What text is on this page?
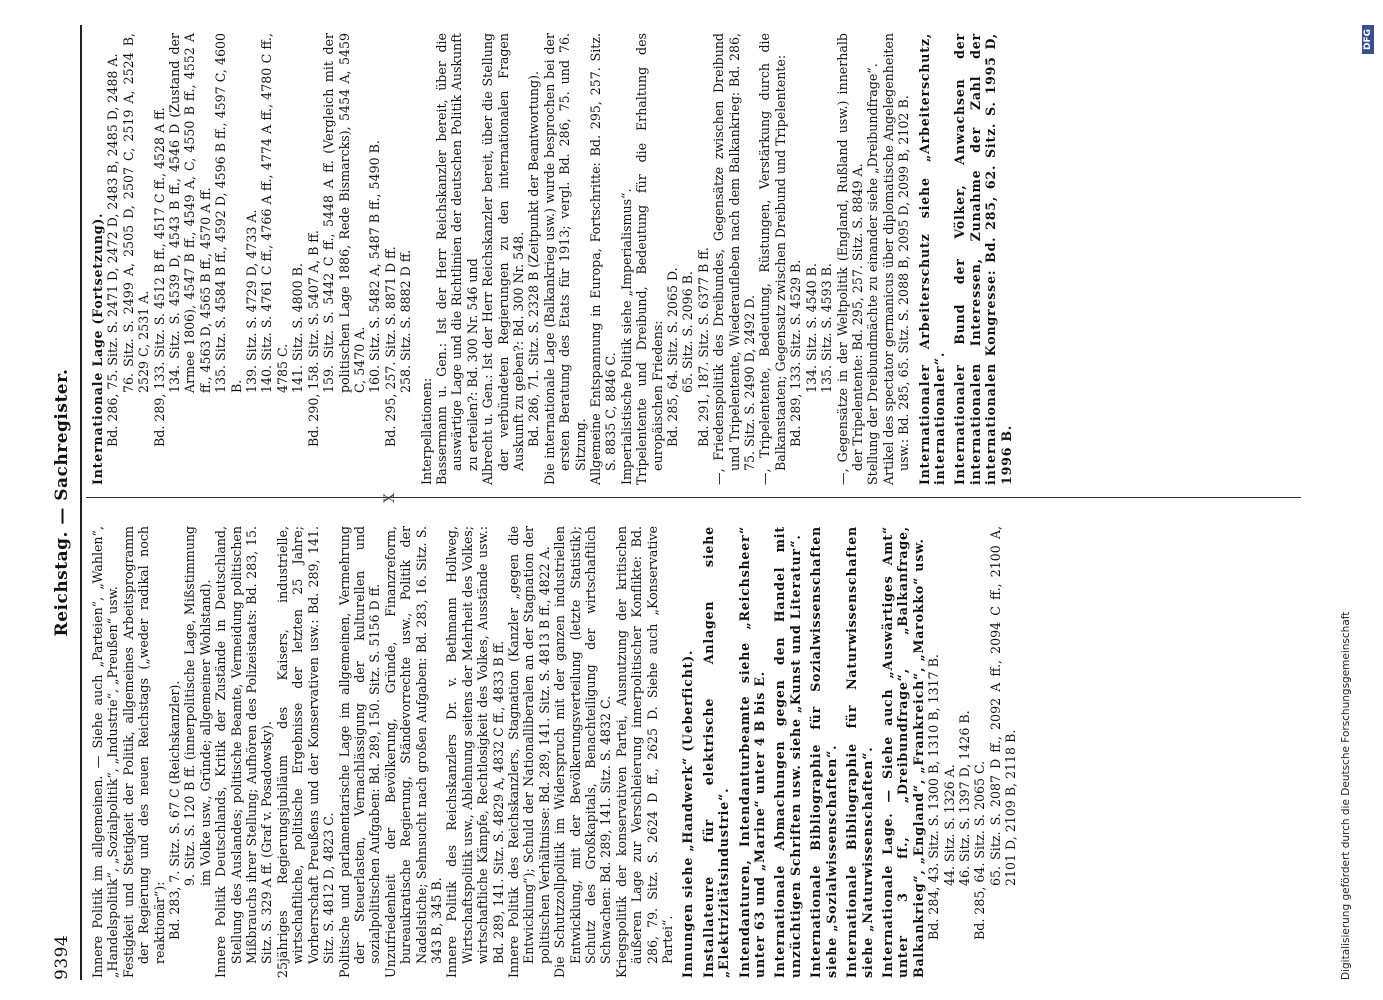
9394
Reichstag. — Sachregister.

Innere Politik im allgemeinen. — Siehe auch „Parteien“, „Wahlen“, „Handelspolitik“, „Sozialpolitik“, „Industrie“, „Preußen“ usw. Festigkeit und Stetigkeit der Politik, allgemeines Arbeitsprogramm der Regierung und des neuen Reichstags („weder radikal noch reaktionär“): Bd. 283, 7. Sitz. S. 67 C (Reichskanzler). 9. Sitz. S. 120 B ff. (innerpolitische Lage, Mißstimmung im Volke usw., Gründe; allgemeiner Wohlstand). Innere Politik Deutschlands, Kritik der Zustände in Deutschland, Stellung des Auslandes; politische Beamte, Vermeidung politischen Mißbrauchs ihrer Stellung; Aufhören des Polizeistaats: Bd. 283, 15. Sitz. S. 329 A ff. (Graf v. Posadowsky). 25jähriges Regierungsjubiläum des Kaisers, industrielle, wirtschaftliche, politische Ergebnisse der letzten 25 Jahre; Vorherrschaft Preußens und der Konservativen usw.: Bd. 289, 141. Sitz. S. 4812 D, 4823 C. Politische und parlamentarische Lage im allgemeinen, Vermehrung der Steuerlasten, Vernachlässigung der kulturellen und sozialpolitischen Aufgaben: Bd. 289, 150. Sitz. S. 5156 D ff. Unzufriedenheit der Bevölkerung, Gründe, Finanzreform, bureaukratische Regierung, Ständevorrechte usw., Politik der Nadelstiche; Sehnsucht nach großen Aufgaben: Bd. 283, 16. Sitz. S. 343 B, 345 B. Innere Politik des Reichskanzlers Dr. v. Bethmann Hollweg, Wirtschaftspolitik usw., Ablehnung seitens der Mehrheit des Volkes; wirtschaftliche Kämpfe, Rechtlosigkeit des Volkes, Ausstände usw.: Bd. 289, 141. Sitz. S. 4829 A, 4832 C ff., 4833 B ff. Innere Politik des Reichskanzlers, Stagnation (Kanzler „gegen die Entwicklung“); Schuld der Nationalliberalen an der Stagnation der politischen Verhältnisse: Bd. 289, 141. Sitz. S. 4813 B ff., 4822 A. Die Schutzzollpolitik im Widerspruch mit der ganzen industriellen Entwicklung, mit der Bevölkerungsverteilung (letzte Statistik); Schutz des Großkapitals, Benachteiligung der wirtschaftlich Schwachen: Bd. 289, 141. Sitz. S. 4832 C. Kriegspolitik der konservativen Partei, Ausnutzung der kritischen äußeren Lage zur Verschleierung innerpolitischer Konflikte: Bd. 286, 79. Sitz. S. 2624 D ff., 2625 D. Siehe auch „Konservative Partei“. Innungen siehe „Handwerk“ (Ueberficht). Installateure für elektrische Anlagen siehe „Elektrizitätsindustrie“. Intendanturen, Intendanturbeamte siehe „Reichsheer“ unter 63 und „Marine“ unter 4 B bis E. Internationale Abmachungen gegen den Handel mit unzüchtigen Schriften usw. siehe „Kunst und Literatur“. Internationale Bibliographie für Sozialwissenschaften siehe „Sozialwissenschaften“. Internationale Bibliographie für Naturwissenschaften siehe „Naturwissenschaften“. Internationale Lage. — Siehe auch „Auswärtiges Amt“ unter 3 ff., „Dreibundfrage“, „Balkanfrage, Balkankrieg“, „England“, „Frankreich“, „Marokko“ usw. Bd. 284, 43. Sitz. S. 1300 B, 1310 B, 1317 B. 44. Sitz. S. 1326 A. 46. Sitz. S. 1397 D, 1426 B. Bd. 285, 64. Sitz. S. 2065 C. 65. Sitz. S. 2087 D ff., 2092 A ff., 2094 C ff., 2100 A, 2101 D, 2109 B, 2118 B.

Internationale Lage (Fortsetzung). Bd. 286, 75. Sitz. S. 2471 D, 2472 D, 2483 B, 2485 D, 2488 A. 76. Sitz. S. 2499 A, 2505 D, 2507 C, 2519 A, 2524 B, 2529 C, 2531 A. Bd. 289, 133. Sitz. S. 4512 B ff., 4517 C ff., 4528 A ff. 134. Sitz. S. 4539 D, 4543 B ff., 4546 D (Zustand der Armee 1806), 4547 B ff., 4549 A, C, 4550 B ff., 4552 A ff., 4563 D, 4565 B ff., 4570 A ff. 135. Sitz. S. 4584 B ff., 4592 D, 4596 B ff., 4597 C, 4600 B. 139. Sitz. S. 4729 D, 4733 A. 140. Sitz. S. 4761 C ff., 4766 A ff., 4774 A ff., 4780 C ff., 4785 C. 141. Sitz. S. 4800 B. Bd. 290, 158. Sitz. S. 5407 A, B ff. 159. Sitz. S. 5442 C ff., 5448 A ff. (Vergleich mit der politischen Lage 1886, Rede Bismarcks), 5454 A, 5459 C, 5470 A. 160. Sitz. S. 5482 A, 5487 B ff., 5490 B.

X
Bd. 295, 257. Sitz. S. 8871 D ff. 258. Sitz. S. 8882 D ff.

Interpellationen: Bassermann u. Gen.: Ist der Herr Reichskanzler bereit, über die auswärtige Lage und die Richtlinien der deutschen Politik Auskunft zu erteilen?: Bd. 300 Nr. 546 und Albrecht u. Gen.: Ist der Herr Reichskanzler bereit, über die Stellung der verbündeten Regierungen zu den internationalen Fragen Auskunft zu geben?: Bd. 300 Nr. 548. Bd. 286, 71. Sitz. S. 2328 B (Zeitpunkt der Beantwortung). Die internationale Lage (Balkankrieg usw.) wurde besprochen bei der ersten Beratung des Etats für 1913; vergl. Bd. 286, 75. und 76. Sitzung. Allgemeine Entspannung in Europa, Fortschritte: Bd. 295, 257. Sitz. S. 8835 C, 8846 C. Imperialistische Politik siehe „Imperialismus“. Tripelentente und Dreibund, Bedeutung für die Erhaltung des europäischen Friedens: Bd. 285, 64. Sitz. S. 2065 D. 65. Sitz. S. 2096 B. Bd. 291, 187. Sitz. S. 6377 B ff. —, Friedenspolitik des Dreibundes, Gegensätze zwischen Dreibund und Tripelentente, Wiederaufleben nach dem Balkankrieg: Bd. 286, 75. Sitz. S. 2490 D, 2492 D. —, Tripelentente, Bedeutung, Rüstungen, Verstärkung durch die Balkanstaaten; Gegensatz zwischen Dreibund und Tripelentente: Bd. 289, 133. Sitz. S. 4529 B. 134. Sitz. S. 4540 B. 135. Sitz. S. 4593 B. —, Gegensätze in der Weltpolitik (England, Rußland usw.) innerhalb der Tripelentente: Bd. 295, 257. Sitz. S. 8849 A. Stellung der Dreibundmächte zu einander siehe „Dreibundfrage“. Artikel des spectator germanicus über diplomatische Angelegenheiten usw.: Bd. 285, 65. Sitz. S. 2088 B, 2095 D, 2099 B, 2102 B. Internationaler Arbeiterschutz siehe „Arbeiterschutz, internationaler“. Internationaler Bund der Völker, Anwachsen der internationalen Interessen, Zunahme der Zahl der internationalen Kongresse: Bd. 285, 62. Sitz. S. 1995 D, 1996 B.

Digitalisierung gefördert durch die Deutsche Forschungsgemeinschaft
DFG
